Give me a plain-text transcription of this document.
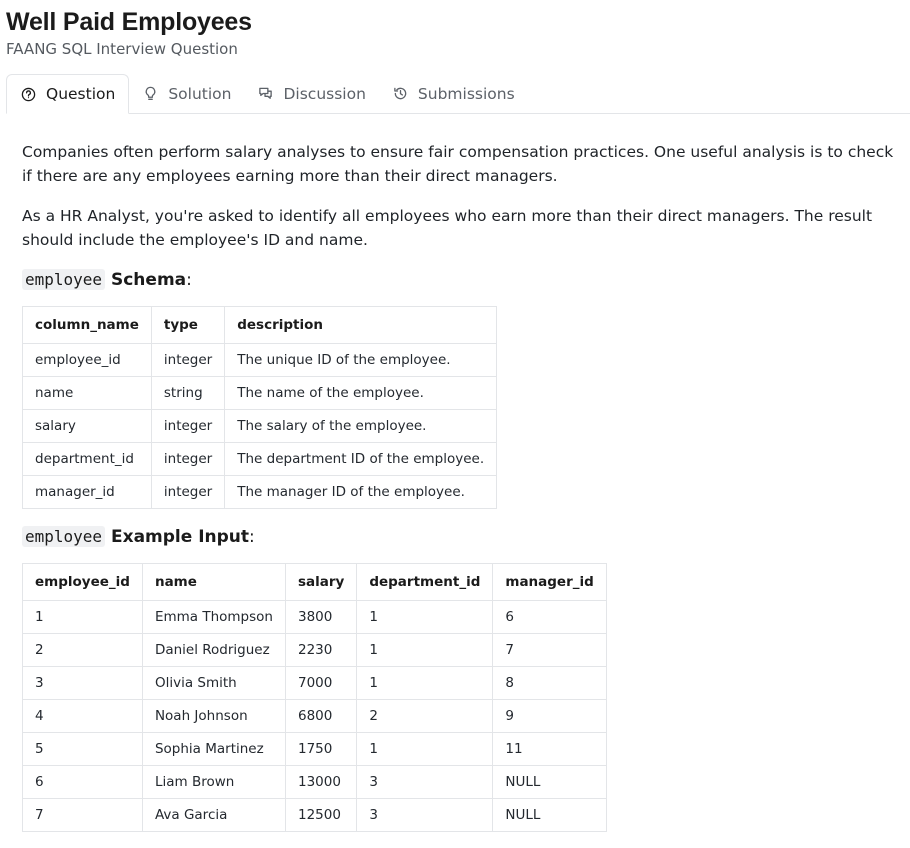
Well Paid Employees
FAANG SQL Interview Question
Question	Solution	Discussion	Submissions

Companies often perform salary analyses to ensure fair compensation practices. One useful analysis is to check if there are any employees earning more than their direct managers.

As a HR Analyst, you're asked to identify all employees who earn more than their direct managers. The result should include the employee's ID and name.

employee Schema:
column_name	type	description
employee_id	integer	The unique ID of the employee.
name	string	The name of the employee.
salary	integer	The salary of the employee.
department_id	integer	The department ID of the employee.
manager_id	integer	The manager ID of the employee.
employee Example Input:
employee_id	name	salary	department_id	manager_id
1	Emma Thompson	3800	1	6
2	Daniel Rodriguez	2230	1	7
3	Olivia Smith	7000	1	8
4	Noah Johnson	6800	2	9
5	Sophia Martinez	1750	1	11
6	Liam Brown	13000	3	NULL
7	Ava Garcia	12500	3	NULL
